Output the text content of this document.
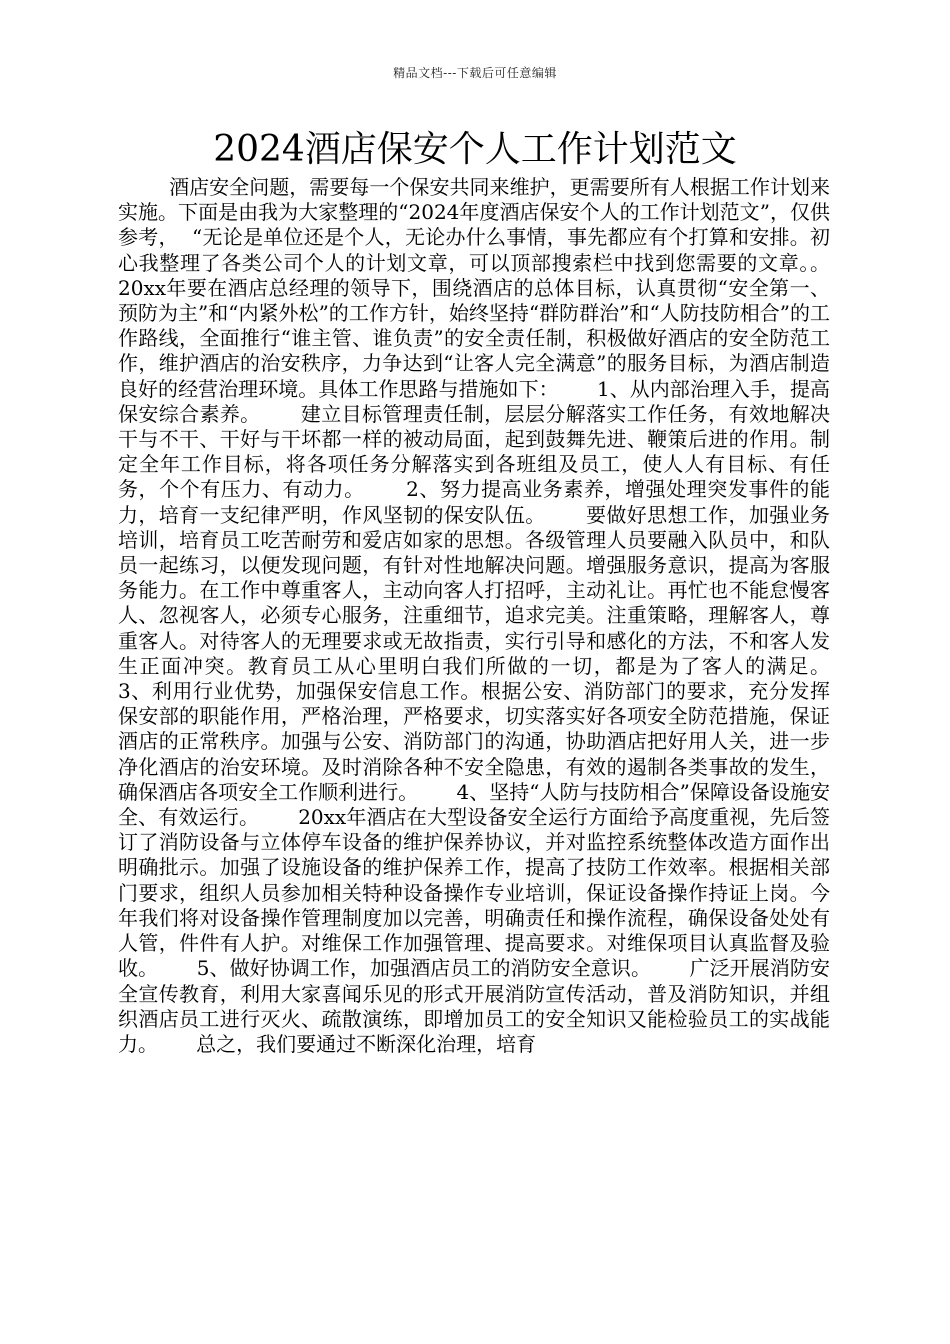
精品文档---下载后可任意编辑
2024酒店保安个人工作计划范文

酒店安全问题，需要每一个保安共同来维护，更需要所有人根据工作计划来实施。下面是由我为大家整理的“2024年度酒店保安个人的工作计划范文”，仅供参考，  “无论是单位还是个人，无论办什么事情，事先都应有个打算和安排。初心我整理了各类公司个人的计划文章，可以顶部搜索栏中找到您需要的文章。。      20xx年要在酒店总经理的领导下，围绕酒店的总体目标，认真贯彻“安全第一、预防为主”和“内紧外松”的工作方针，始终坚持“群防群治”和“人防技防相合”的工作路线，全面推行“谁主管、谁负责”的安全责任制，积极做好酒店的安全防范工作，维护酒店的治安秩序，力争达到“让客人完全满意”的服务目标，为酒店制造良好的经营治理环境。具体工作思路与措施如下：      1、从内部治理入手，提高保安综合素养。      建立目标管理责任制，层层分解落实工作任务，有效地解决干与不干、干好与干坏都一样的被动局面，起到鼓舞先进、鞭策后进的作用。制定全年工作目标，将各项任务分解落实到各班组及员工，使人人有目标、有任务，个个有压力、有动力。      2、努力提高业务素养，增强处理突发事件的能力，培育一支纪律严明，作风坚韧的保安队伍。      要做好思想工作，加强业务培训，培育员工吃苦耐劳和爱店如家的思想。各级管理人员要融入队员中，和队员一起练习，以便发现问题，有针对性地解决问题。增强服务意识，提高为客服务能力。在工作中尊重客人，主动向客人打招呼，主动礼让。再忙也不能怠慢客人、忽视客人，必须专心服务，注重细节，追求完美。注重策略，理解客人，尊重客人。对待客人的无理要求或无故指责，实行引导和感化的方法，不和客人发生正面冲突。教育员工从心里明白我们所做的一切，都是为了客人的满足。      3、利用行业优势，加强保安信息工作。根据公安、消防部门的要求，充分发挥保安部的职能作用，严格治理，严格要求，切实落实好各项安全防范措施，保证酒店的正常秩序。加强与公安、消防部门的沟通，协助酒店把好用人关，进一步净化酒店的治安环境。及时消除各种不安全隐患，有效的遏制各类事故的发生，确保酒店各项安全工作顺利进行。      4、坚持“人防与技防相合”保障设备设施安全、有效运行。      20xx年酒店在大型设备安全运行方面给予高度重视，先后签订了消防设备与立体停车设备的维护保养协议，并对监控系统整体改造方面作出明确批示。加强了设施设备的维护保养工作，提高了技防工作效率。根据相关部门要求，组织人员参加相关特种设备操作专业培训，保证设备操作持证上岗。今年我们将对设备操作管理制度加以完善，明确责任和操作流程，确保设备处处有人管，件件有人护。对维保工作加强管理、提高要求。对维保项目认真监督及验收。      5、做好协调工作，加强酒店员工的消防安全意识。      广泛开展消防安全宣传教育，利用大家喜闻乐见的形式开展消防宣传活动，普及消防知识，并组织酒店员工进行灭火、疏散演练，即增加员工的安全知识又能检验员工的实战能力。      总之，我们要通过不断深化治理，培育
